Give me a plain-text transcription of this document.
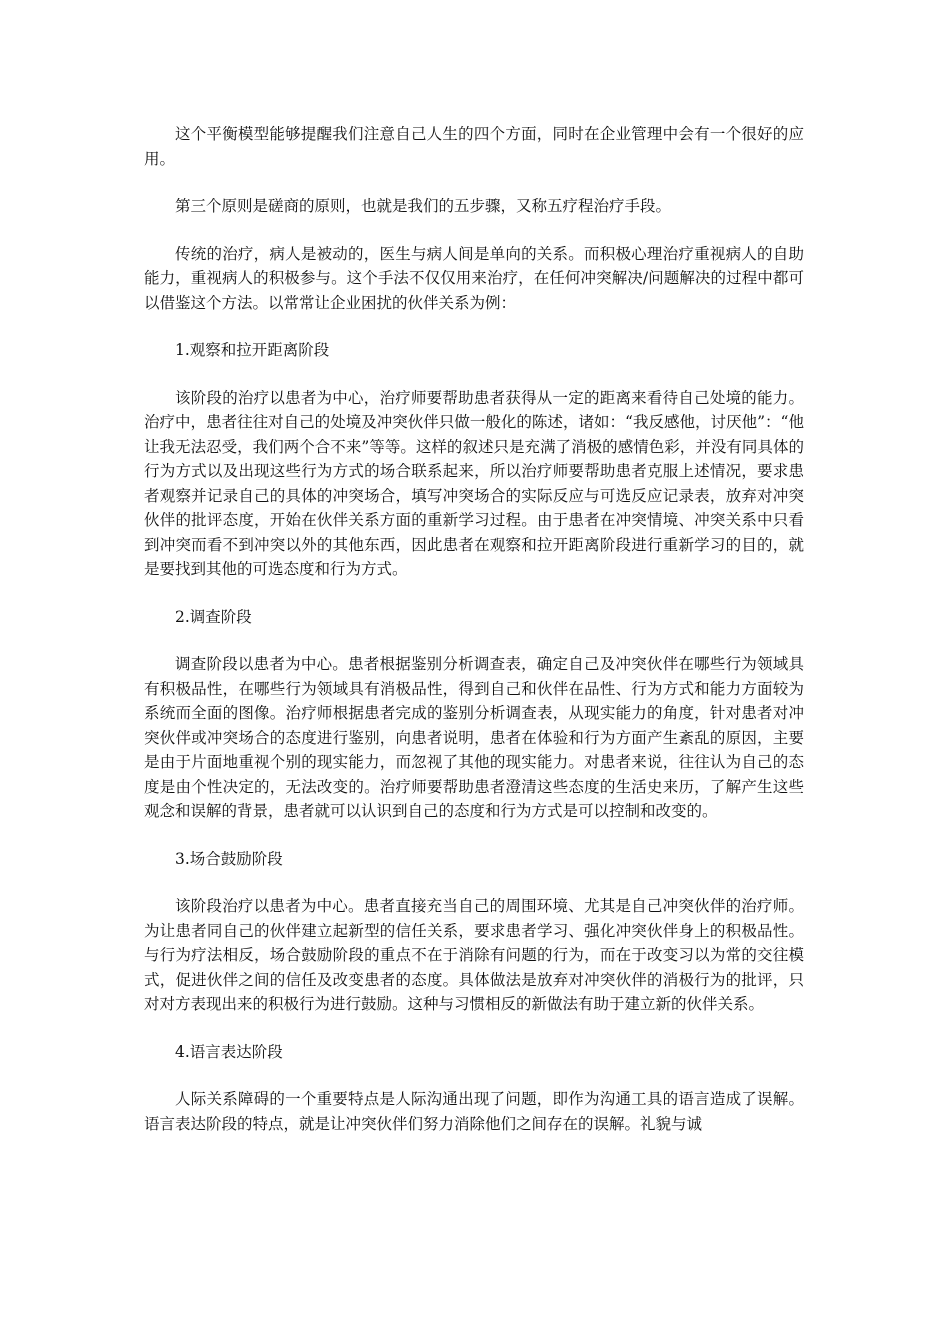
这个平衡模型能够提醒我们注意自己人生的四个方面，同时在企业管理中会有一个很好的应用。

第三个原则是磋商的原则，也就是我们的五步骤，又称五疗程治疗手段。

传统的治疗，病人是被动的，医生与病人间是单向的关系。而积极心理治疗重视病人的自助能力，重视病人的积极参与。这个手法不仅仅用来治疗，在任何冲突解决/问题解决的过程中都可以借鉴这个方法。以常常让企业困扰的伙伴关系为例：

1.观察和拉开距离阶段

该阶段的治疗以患者为中心，治疗师要帮助患者获得从一定的距离来看待自己处境的能力。治疗中，患者往往对自己的处境及冲突伙伴只做一般化的陈述，诸如：“我反感他，讨厌他”：“他让我无法忍受，我们两个合不来”等等。这样的叙述只是充满了消极的感情色彩，并没有同具体的行为方式以及出现这些行为方式的场合联系起来，所以治疗师要帮助患者克服上述情况，要求患者观察并记录自己的具体的冲突场合，填写冲突场合的实际反应与可选反应记录表，放弃对冲突伙伴的批评态度，开始在伙伴关系方面的重新学习过程。由于患者在冲突情境、冲突关系中只看到冲突而看不到冲突以外的其他东西，因此患者在观察和拉开距离阶段进行重新学习的目的，就是要找到其他的可选态度和行为方式。

2.调查阶段

调查阶段以患者为中心。患者根据鉴别分析调查表，确定自己及冲突伙伴在哪些行为领域具有积极品性，在哪些行为领域具有消极品性，得到自己和伙伴在品性、行为方式和能力方面较为系统而全面的图像。治疗师根据患者完成的鉴别分析调查表，从现实能力的角度，针对患者对冲突伙伴或冲突场合的态度进行鉴别，向患者说明，患者在体验和行为方面产生紊乱的原因，主要是由于片面地重视个别的现实能力，而忽视了其他的现实能力。对患者来说，往往认为自己的态度是由个性决定的，无法改变的。治疗师要帮助患者澄清这些态度的生活史来历，了解产生这些观念和误解的背景，患者就可以认识到自己的态度和行为方式是可以控制和改变的。

3.场合鼓励阶段

该阶段治疗以患者为中心。患者直接充当自己的周围环境、尤其是自己冲突伙伴的治疗师。为让患者同自己的伙伴建立起新型的信任关系，要求患者学习、强化冲突伙伴身上的积极品性。与行为疗法相反，场合鼓励阶段的重点不在于消除有问题的行为，而在于改变习以为常的交往模式，促进伙伴之间的信任及改变患者的态度。具体做法是放弃对冲突伙伴的消极行为的批评，只对对方表现出来的积极行为进行鼓励。这种与习惯相反的新做法有助于建立新的伙伴关系。

4.语言表达阶段

人际关系障碍的一个重要特点是人际沟通出现了问题，即作为沟通工具的语言造成了误解。语言表达阶段的特点，就是让冲突伙伴们努力消除他们之间存在的误解。礼貌与诚
